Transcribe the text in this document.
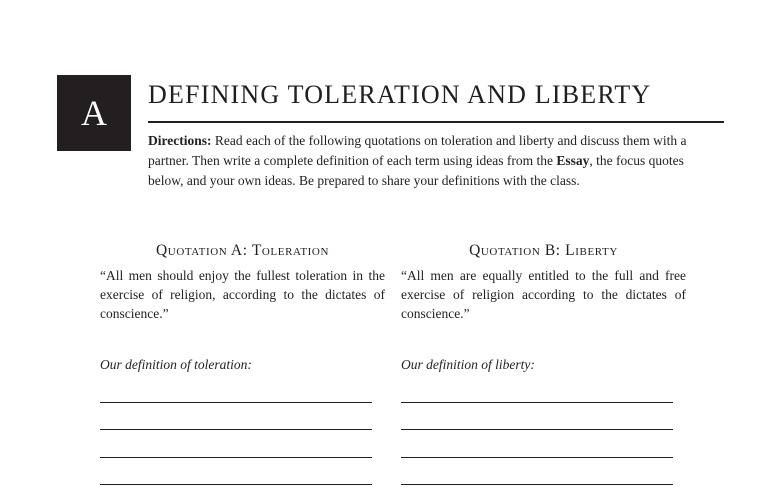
A DEFINING TOLERATION AND LIBERTY

Directions: Read each of the following quotations on toleration and liberty and discuss them with a partner. Then write a complete definition of each term using ideas from the Essay, the focus quotes below, and your own ideas. Be prepared to share your definitions with the class.

Quotation A: Toleration

“All men should enjoy the fullest toleration in the exercise of religion, according to the dictates of conscience.”

Quotation B: Liberty

“All men are equally entitled to the full and free exercise of religion according to the dictates of conscience.”

Our definition of toleration:	Our definition of liberty:
